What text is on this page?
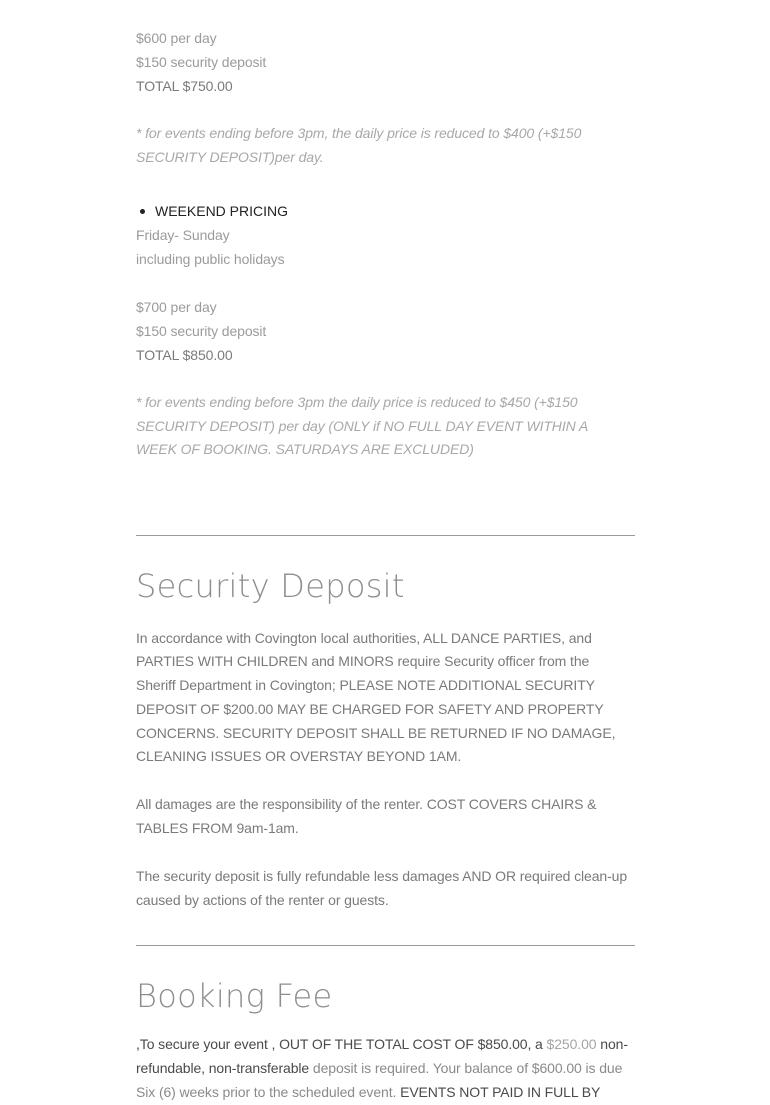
$600 per day

$150 security deposit

TOTAL $750.00

* for events ending before 3pm, the daily price is reduced to $400 (+$150 SECURITY DEPOSIT)per day.

WEEKEND PRICING

Friday- Sunday

including public holidays

$700 per day

$150 security deposit

TOTAL $850.00

* for events ending before 3pm the daily price is reduced to $450 (+$150 SECURITY DEPOSIT) per day (ONLY if NO FULL DAY EVENT WITHIN A WEEK OF BOOKING. SATURDAYS ARE EXCLUDED)

Security Deposit

In accordance with Covington local authorities, ALL DANCE PARTIES, and PARTIES WITH CHILDREN and MINORS require Security officer from the Sheriff Department in Covington; PLEASE NOTE ADDITIONAL SECURITY DEPOSIT OF $200.00 MAY BE CHARGED FOR SAFETY AND PROPERTY CONCERNS. SECURITY DEPOSIT SHALL BE RETURNED IF NO DAMAGE, CLEANING ISSUES OR OVERSTAY BEYOND 1AM.

All damages are the responsibility of the renter. COST COVERS CHAIRS & TABLES FROM 9am-1am.

The security deposit is fully refundable less damages AND OR required clean-up caused by actions of the renter or guests.

Booking Fee

,To secure your event , OUT OF THE TOTAL COST OF $850.00, a $250.00 non-refundable, non-transferable deposit is required. Your balance of $600.00 is due Six (6) weeks prior to the scheduled event. EVENTS NOT PAID IN FULL BY
